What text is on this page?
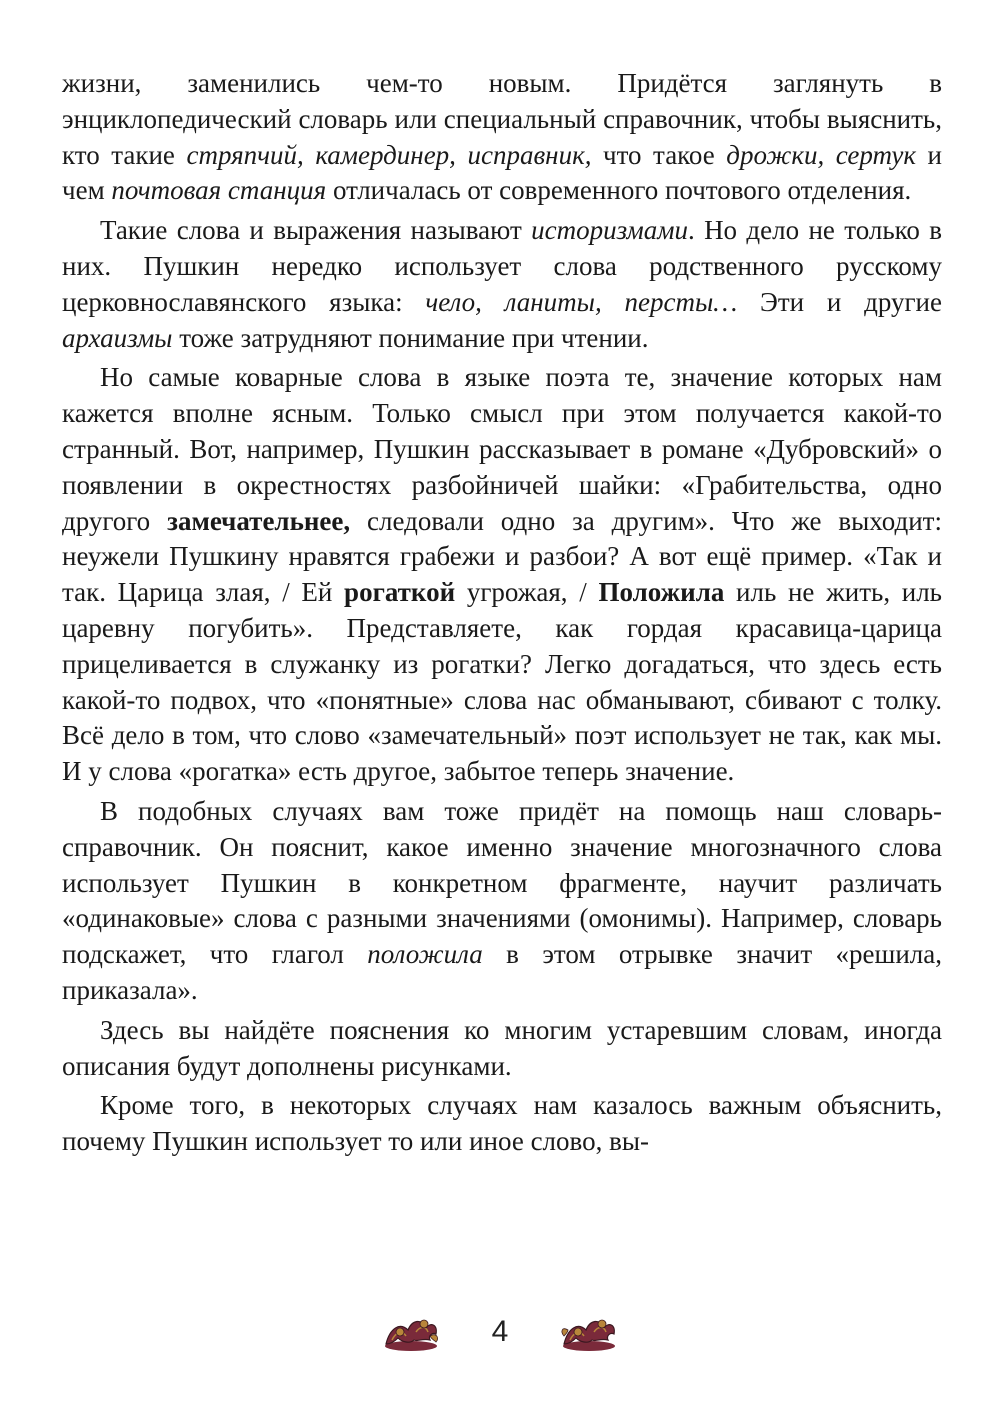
жизни, заменились чем-то новым. Придётся заглянуть в энциклопедический словарь или специальный справочник, чтобы выяснить, кто такие стряпчий, камердинер, исправник, что такое дрожки, сертук и чем почтовая станция отличалась от современного почтового отделения.

Такие слова и выражения называют историзмами. Но дело не только в них. Пушкин нередко использует слова родственного русскому церковнославянского языка: чело, ланиты, персты… Эти и другие архаизмы тоже затрудняют понимание при чтении.

Но самые коварные слова в языке поэта те, значение которых нам кажется вполне ясным. Только смысл при этом получается какой-то странный. Вот, например, Пушкин рассказывает в романе «Дубровский» о появлении в окрестностях разбойничей шайки: «Грабительства, одно другого замечательнее, следовали одно за другим». Что же выходит: неужели Пушкину нравятся грабежи и разбои? А вот ещё пример. «Так и так. Царица злая, / Ей рогаткой угрожая, / Положила иль не жить, иль царевну погубить». Представляете, как гордая красавица-царица прицеливается в служанку из рогатки? Легко догадаться, что здесь есть какой-то подвох, что «понятные» слова нас обманывают, сбивают с толку. Всё дело в том, что слово «замечательный» поэт использует не так, как мы. И у слова «рогатка» есть другое, забытое теперь значение.

В подобных случаях вам тоже придёт на помощь наш словарь-справочник. Он пояснит, какое именно значение многозначного слова использует Пушкин в конкретном фрагменте, научит различать «одинаковые» слова с разными значениями (омонимы). Например, словарь подскажет, что глагол положила в этом отрывке значит «решила, приказала».

Здесь вы найдёте пояснения ко многим устаревшим словам, иногда описания будут дополнены рисунками.

Кроме того, в некоторых случаях нам казалось важным объяснить, почему Пушкин использует то или иное слово, вы-

4
